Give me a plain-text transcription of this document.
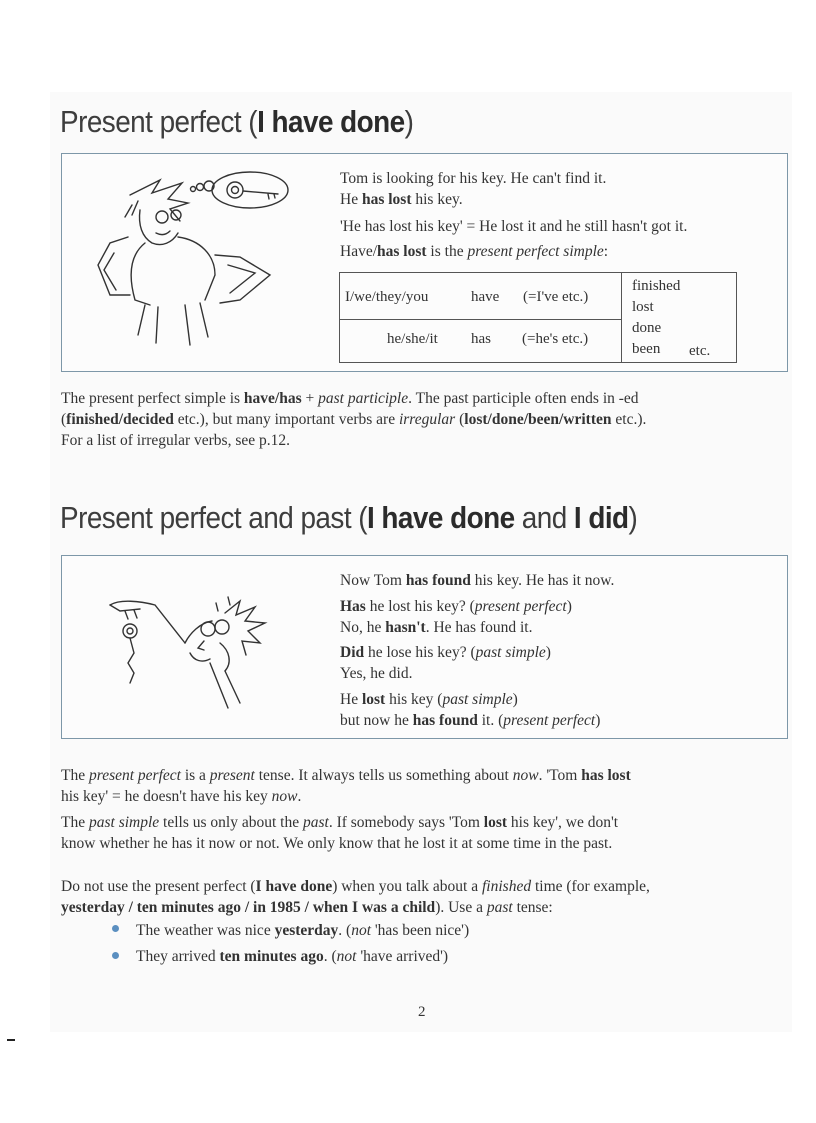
Present perfect (I have done)
Tom is looking for his key. He can't find it.
He has lost his key.
'He has lost his key' = He lost it and he still hasn't got it.
Have/has lost is the present perfect simple:
I/we/they/you	have (=I've etc.)
he/she/it has (=he's etc.)
finished
lost
done
been etc.

The present perfect simple is have/has + past participle. The past participle often ends in -ed

(finished/decided etc.), but many important verbs are irregular (lost/done/been/written etc.).

For a list of irregular verbs, see p.12.

Present perfect and past (I have done and I did)
Now Tom has found his key. He has it now.
Has he lost his key? (present perfect)
No, he hasn't. He has found it.
Did he lose his key? (past simple)
Yes, he did.
He lost his key (past simple)
but now he has found it. (present perfect)

The present perfect is a present tense. It always tells us something about now. 'Tom has lost

his key' = he doesn't have his key now.

The past simple tells us only about the past. If somebody says 'Tom lost his key', we don't

know whether he has it now or not. We only know that he lost it at some time in the past.

Do not use the present perfect (I have done) when you talk about a finished time (for example,

yesterday / ten minutes ago / in 1985 / when I was a child). Use a past tense:

The weather was nice yesterday. (not 'has been nice')

They arrived ten minutes ago. (not 'have arrived')

2
